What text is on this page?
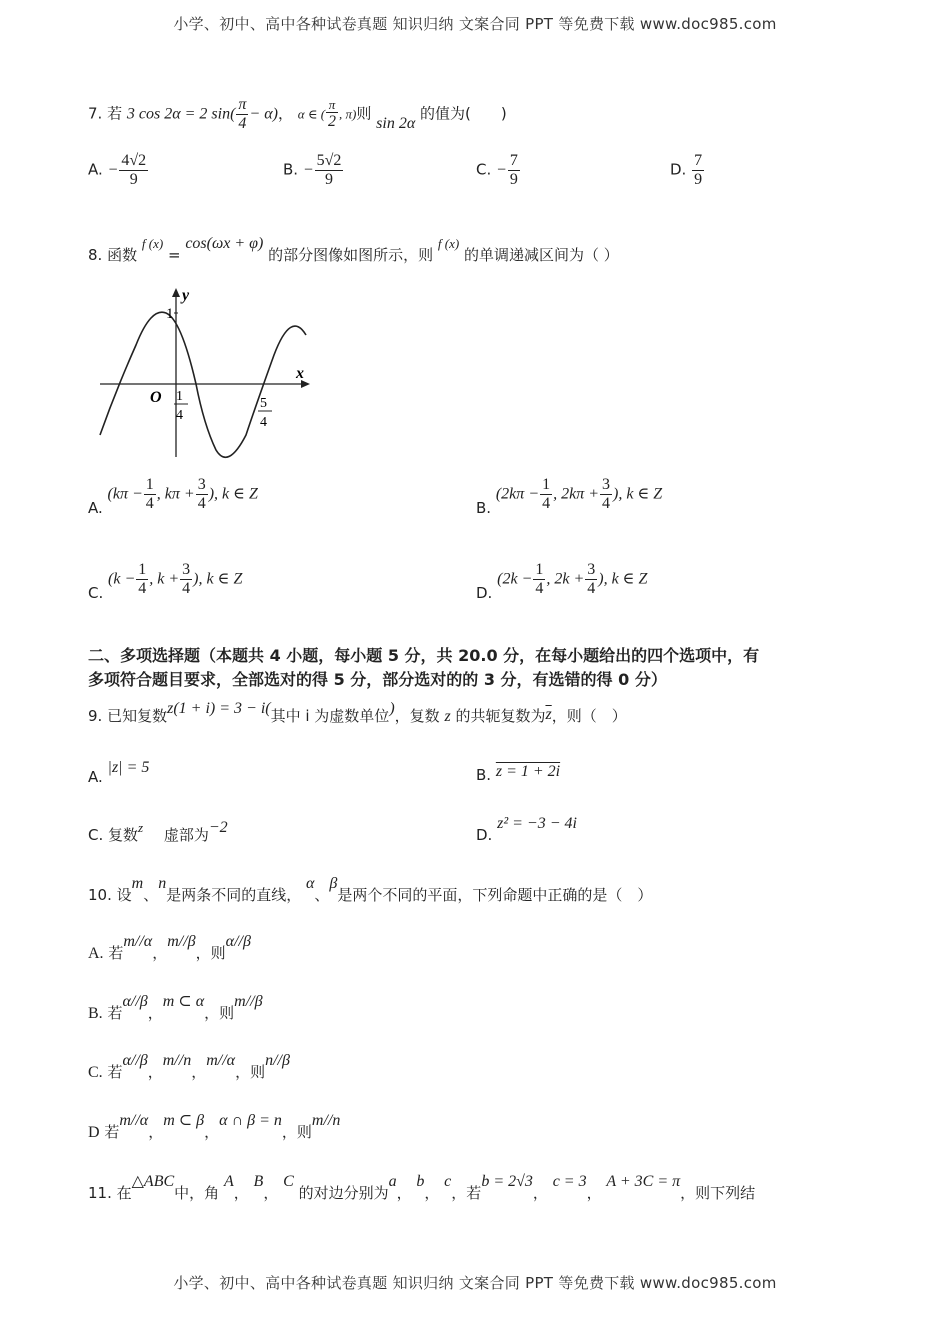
小学、初中、高中各种试卷真题 知识归纳 文案合同 PPT 等免费下载 www.doc985.com
7. 若 3 cos 2α = 2 $\sin( \frac{\pi}{4} - \alpha)$， α ∈ ( $\frac{\pi}{2}$ , π)则 sin 2α 的值为(　　)
A. − $\frac{4√2}{9}$	B. − $\frac{5√2}{9}$	C. − $\frac{7}{9}$	D. $\frac{7}{9}$
8. 函数 f (x) = cos(ωx + φ) 的部分图像如图所示，则 f (x) 的单调递减区间为（ ）
1
y
x
O 1
4
5
4
A. ($k\pi - \frac{1}{4}$ , $k\pi + \frac{3}{4}$ ), k ∈ Z
B. ($2k\pi - \frac{1}{4}$ , $2k\pi + \frac{3}{4}$ ), k ∈ Z
C. ($k - \frac{1}{4}$ , $k + \frac{3}{4}$ ), k ∈ Z
D. ($2k - \frac{1}{4}$ , $2k + \frac{3}{4}$ ), k ∈ Z
二、多项选择题（本题共 4 小题，每小题 5 分，共 20.0 分，在每小题给出的四个选项中，有
多项符合题目要求，全部选对的得 5 分，部分选对的的 3 分，有选错的得 0 分）
9. 已知复数z(1 + i) = 3 − i(其中 i 为虚数单位)，复数 z 的共轭复数为$\overline{z}$，则（　）
A. |z| = 5	B. z = 1 + 2i
C. 复数z 虚部为−2	D. z² = −3 − 4i
10. 设m、n是两条不同的直线， α、β是两个不同的平面，下列命题中正确的是（　）
A. 若m//α，m//β，则α//β
B. 若α//β，m ⊂ α，则m//β
C. 若α//β，m//n，m//α，则n//β
D 若m//α，m ⊂ β，α ∩ β = n，则m//n
11. 在△ABC中，角 A， B， C 的对边分别为a， b， c，若b = 2√3， c = 3， A + 3C = π，则下列结
小学、初中、高中各种试卷真题 知识归纳 文案合同 PPT 等免费下载 www.doc985.com
